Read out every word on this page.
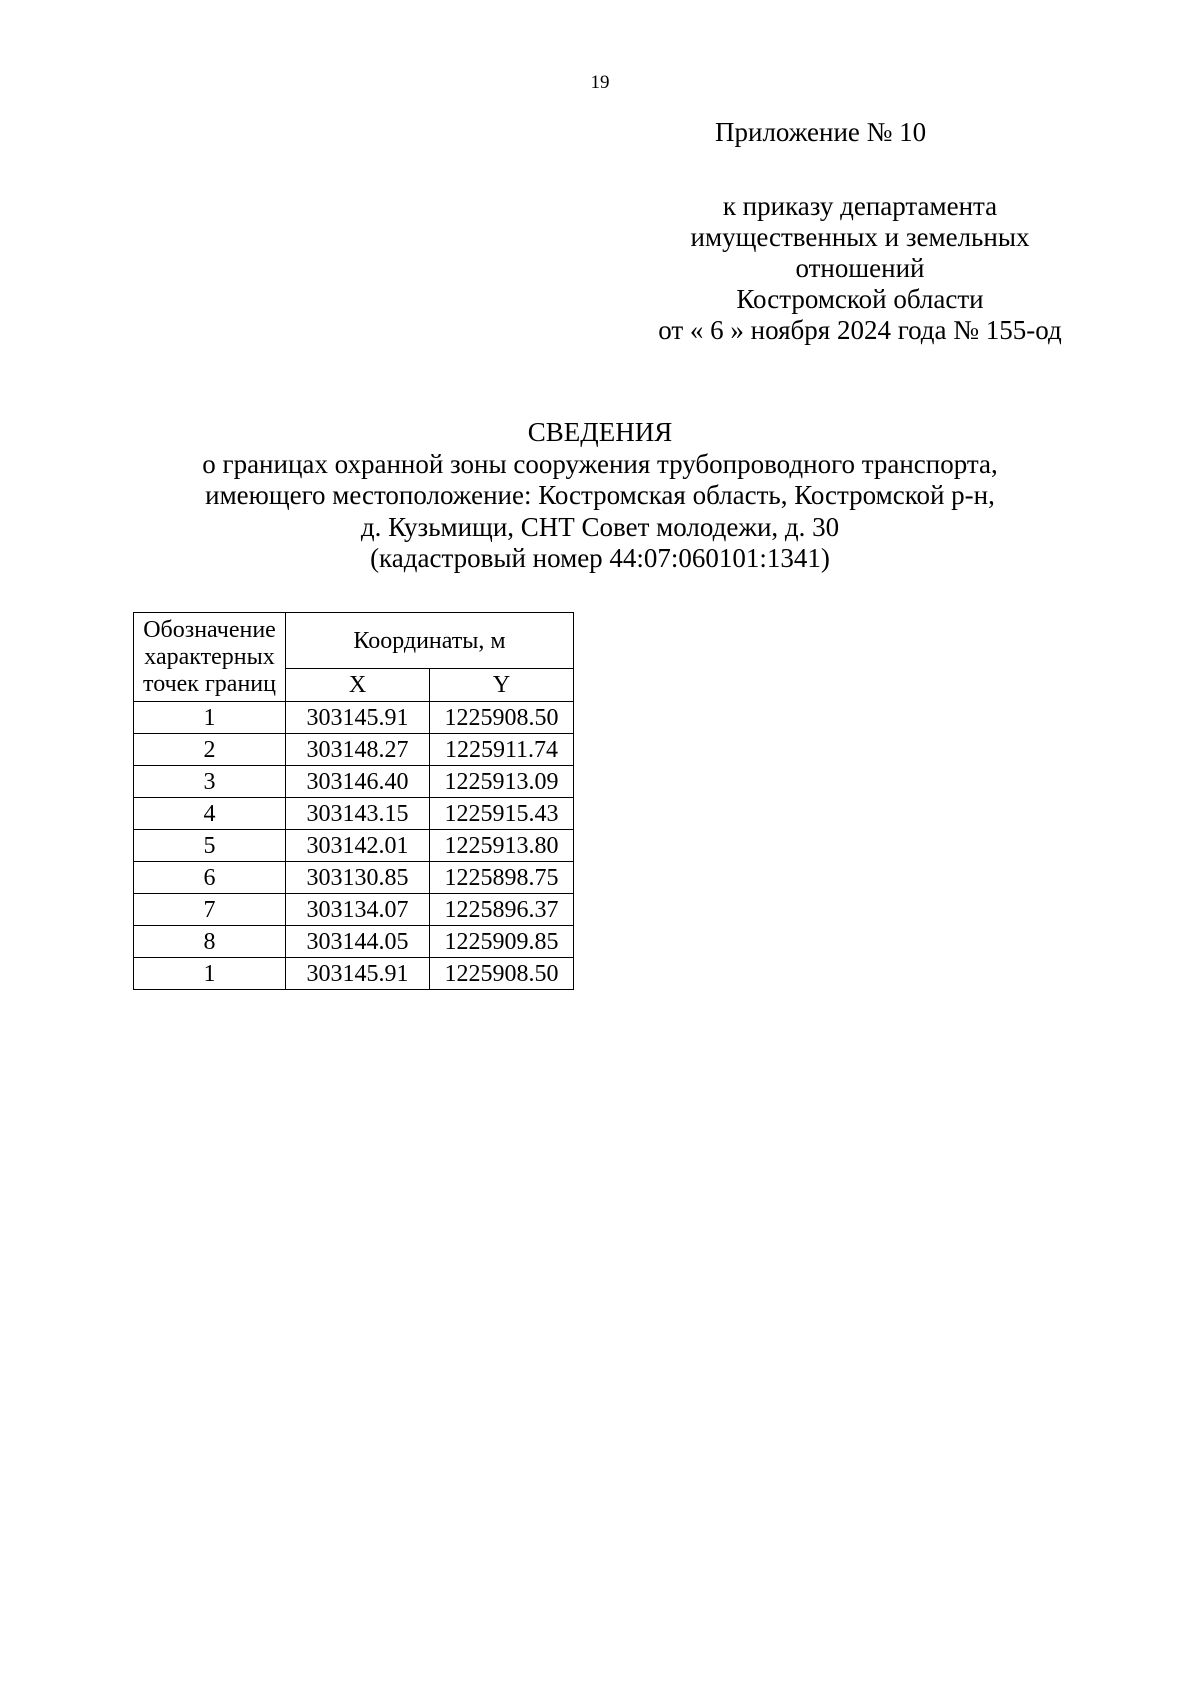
19
Приложение № 10
к приказу департамента
имущественных и земельных
отношений
Костромской области
от « 6 » ноября 2024 года № 155-од
СВЕДЕНИЯ
о границах охранной зоны сооружения трубопроводного транспорта,
имеющего местоположение: Костромская область, Костромской р-н,
д. Кузьмищи, СНТ Совет молодежи, д. 30
(кадастровый номер 44:07:060101:1341)
Обозначение
характерных
точек границ	Координаты, м	
	X	Y
1	303145.91	1225908.50
2	303148.27	1225911.74
3	303146.40	1225913.09
4	303143.15	1225915.43
5	303142.01	1225913.80
6	303130.85	1225898.75
7	303134.07	1225896.37
8	303144.05	1225909.85
1	303145.91	1225908.50
